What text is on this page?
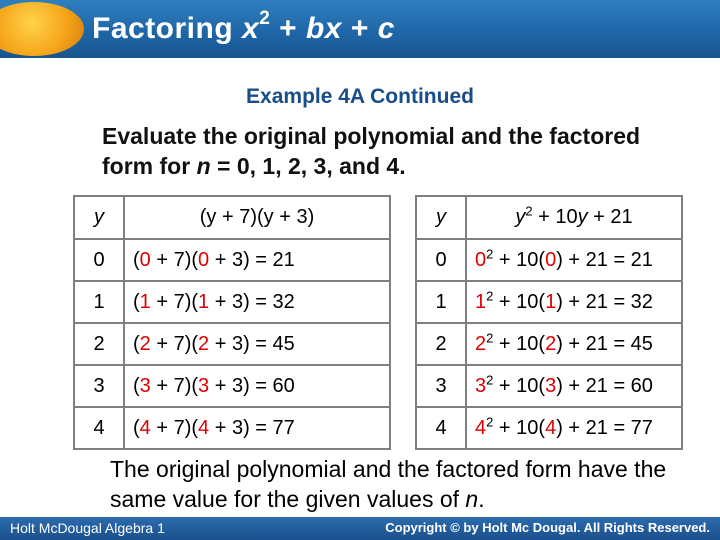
Factoring $x^2$ + bx + c
Example 4A Continued
Evaluate the original polynomial and the factored form for n = 0, 1, 2, 3, and 4.
y	(y + 7)(y + 3)
0	(0 + 7)(0 + 3) = 21
1	(1 + 7)(1 + 3) = 32
2	(2 + 7)(2 + 3) = 45
3	(3 + 7)(3 + 3) = 60
4	(4 + 7)(4 + 3) = 77
y	$y^2 + 10y + 21$
0	$0^2 + 10(0) + 21 = 21$
1	$1^2 + 10(1) + 21 = 32$
2	$2^2 + 10(2) + 21 = 45$
3	$3^2 + 10(3) + 21 = 60$
4	$4^2 + 10(4) + 21 = 77$
The original polynomial and the factored form have the same value for the given values of n.
Holt McDougal Algebra 1	Copyright © by Holt Mc Dougal. All Rights Reserved.
